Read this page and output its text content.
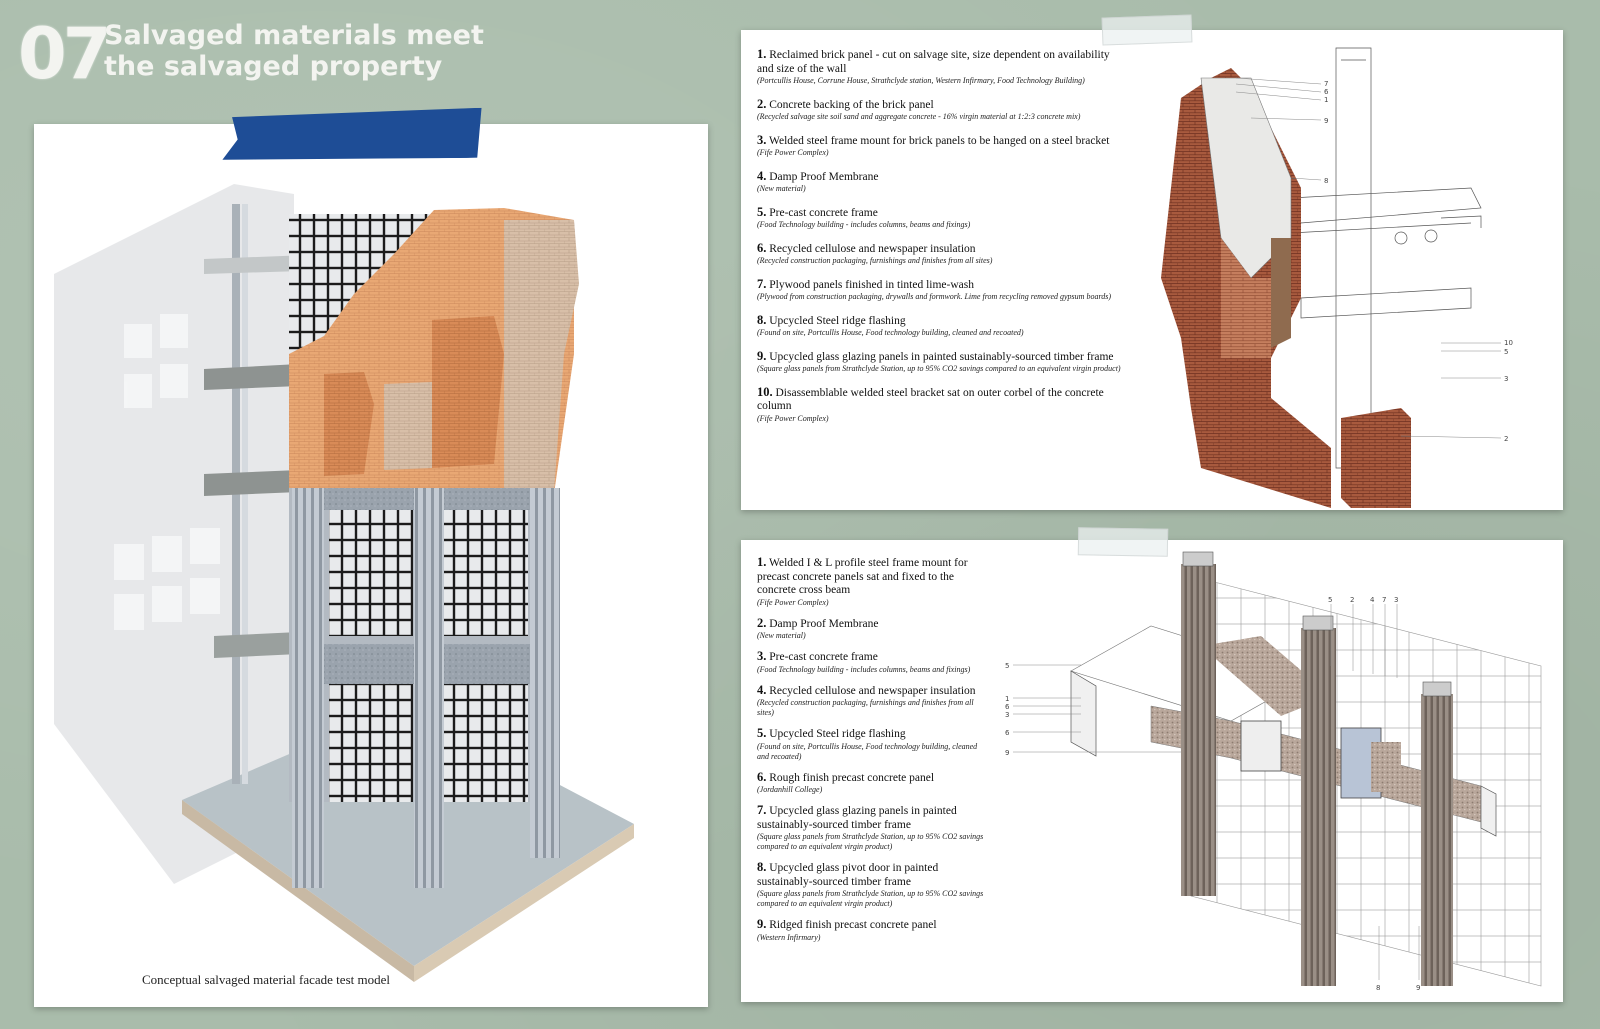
07
Salvaged materials meet the salvaged property
Conceptual salvaged material facade test model
1. Reclaimed brick panel - cut on salvage site, size dependent on availability and size of the wall
(Portcullis House, Corrune House, Strathclyde station, Western Infirmary, Food Technology Building)
2. Concrete backing of the brick panel
(Recycled salvage site soil sand and aggregate concrete - 16% virgin material at 1:2:3 concrete mix)
3. Welded steel frame mount for brick panels to be hanged on a steel bracket
(Fife Power Complex)
4. Damp Proof Membrane
(New material)
5. Pre-cast concrete frame
(Food Technology building - includes columns, beams and fixings)
6. Recycled cellulose and newspaper insulation
(Recycled construction packaging, furnishings and finishes from all sites)
7. Plywood panels finished in tinted lime-wash
(Plywood from construction packaging, drywalls and formwork. Lime from recycling removed gypsum boards)
8. Upcycled Steel ridge flashing
(Found on site, Portcullis House, Food technology building, cleaned and recoated)
9. Upcycled glass glazing panels in painted sustainably-sourced timber frame
(Square glass panels from Strathclyde Station, up to 95% CO2 savings compared to an equivalent virgin product)
10. Disassemblable welded steel bracket sat on outer corbel of the concrete column
(Fife Power Complex)
7
6
1
9
8
10
5
3
2
1. Welded I & L profile steel frame mount for precast concrete panels sat and fixed to the concrete cross beam
(Fife Power Complex)
2. Damp Proof Membrane
(New material)
3. Pre-cast concrete frame
(Food Technology building - includes columns, beams and fixings)
4. Recycled cellulose and newspaper insulation
(Recycled construction packaging, furnishings and finishes from all sites)
5. Upcycled Steel ridge flashing
(Found on site, Portcullis House, Food technology building, cleaned and recoated)
6. Rough finish precast concrete panel
(Jordanhill College)
7. Upcycled glass glazing panels in painted sustainably-sourced timber frame
(Square glass panels from Strathclyde Station, up to 95% CO2 savings compared to an equivalent virgin product)
8. Upcycled glass pivot door in painted sustainably-sourced timber frame
(Square glass panels from Strathclyde Station, up to 95% CO2 savings compared to an equivalent virgin product)
9. Ridged finish precast concrete panel
(Western Infirmary)
5	2 4 7 3
5
1
6
3
6
9
8	9
